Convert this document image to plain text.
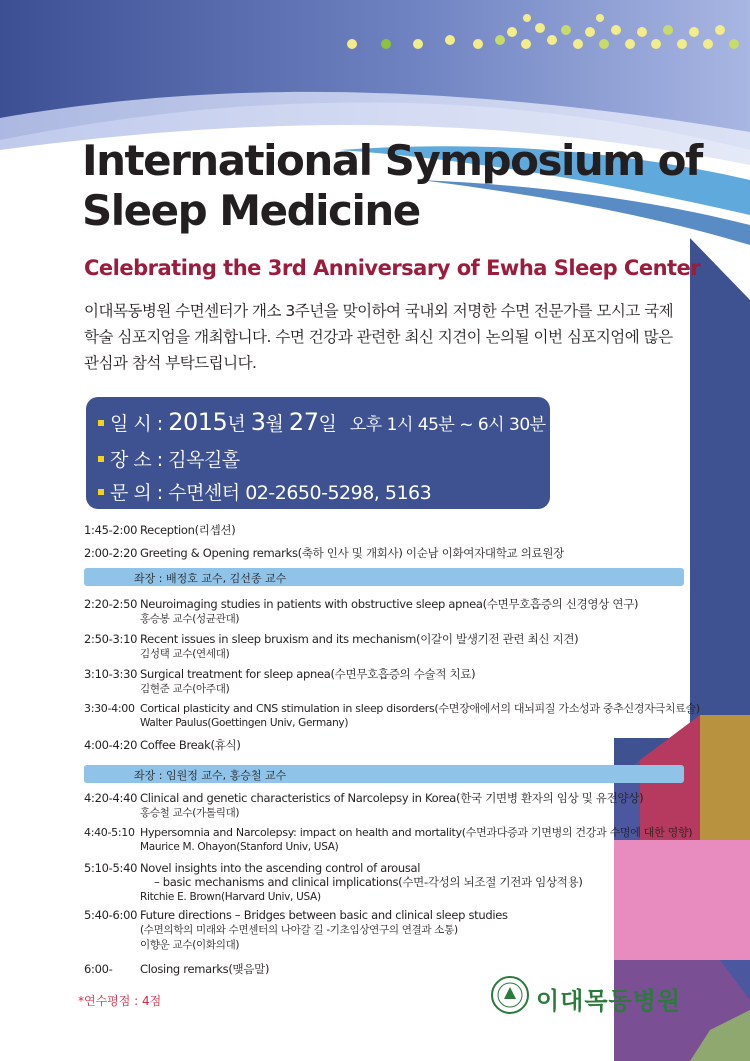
International Symposium of
Sleep Medicine
Celebrating the 3rd Anniversary of Ewha Sleep Center
이대목동병원 수면센터가 개소 3주년을 맞이하여 국내외 저명한 수면 전문가를 모시고 국제
학술 심포지엄을 개최합니다. 수면 건강과 관련한 최신 지견이 논의될 이번 심포지엄에 많은
관심과 참석 부탁드립니다.
일 시 : 2015년 3월 27일 오후 1시 45분 ~ 6시 30분
장 소 : 김옥길홀
문 의 : 수면센터 02-2650-5298, 5163
1:45-2:00 Reception(리셉션)
2:00-2:20 Greeting & Opening remarks(축하 인사 및 개회사) 이순남 이화여자대학교 의료원장
좌장 : 배정호 교수, 김선종 교수
2:20-2:50 Neuroimaging studies in patients with obstructive sleep apnea(수면무호흡증의 신경영상 연구)
홍승봉 교수(성균관대)
2:50-3:10 Recent issues in sleep bruxism and its mechanism(이갈이 발생기전 관련 최신 지견)
김성택 교수(연세대)
3:10-3:30 Surgical treatment for sleep apnea(수면무호흡증의 수술적 치료)
김현준 교수(아주대)
3:30-4:00 Cortical plasticity and CNS stimulation in sleep disorders(수면장애에서의 대뇌피질 가소성과 중추신경자극치료술)
Walter Paulus(Goettingen Univ, Germany)
4:00-4:20 Coffee Break(휴식)
좌장 : 임원정 교수, 홍승철 교수
4:20-4:40 Clinical and genetic characteristics of Narcolepsy in Korea(한국 기면병 환자의 임상 및 유전양상)
홍승철 교수(가톨릭대)
4:40-5:10 Hypersomnia and Narcolepsy: impact on health and mortality(수면과다증과 기면병의 건강과 수명에 대한 영향)
Maurice M. Ohayon(Stanford Univ, USA)
5:10-5:40 Novel insights into the ascending control of arousal
– basic mechanisms and clinical implications(수면-각성의 뇌조절 기전과 임상적용)
Ritchie E. Brown(Harvard Univ, USA)
5:40-6:00 Future directions – Bridges between basic and clinical sleep studies
(수면의학의 미래와 수면센터의 나아갈 길 -기초임상연구의 연결과 소통)
이향운 교수(이화의대)
6:00- Closing remarks(맺음말)
*연수평점 : 4점	이대목동병원
